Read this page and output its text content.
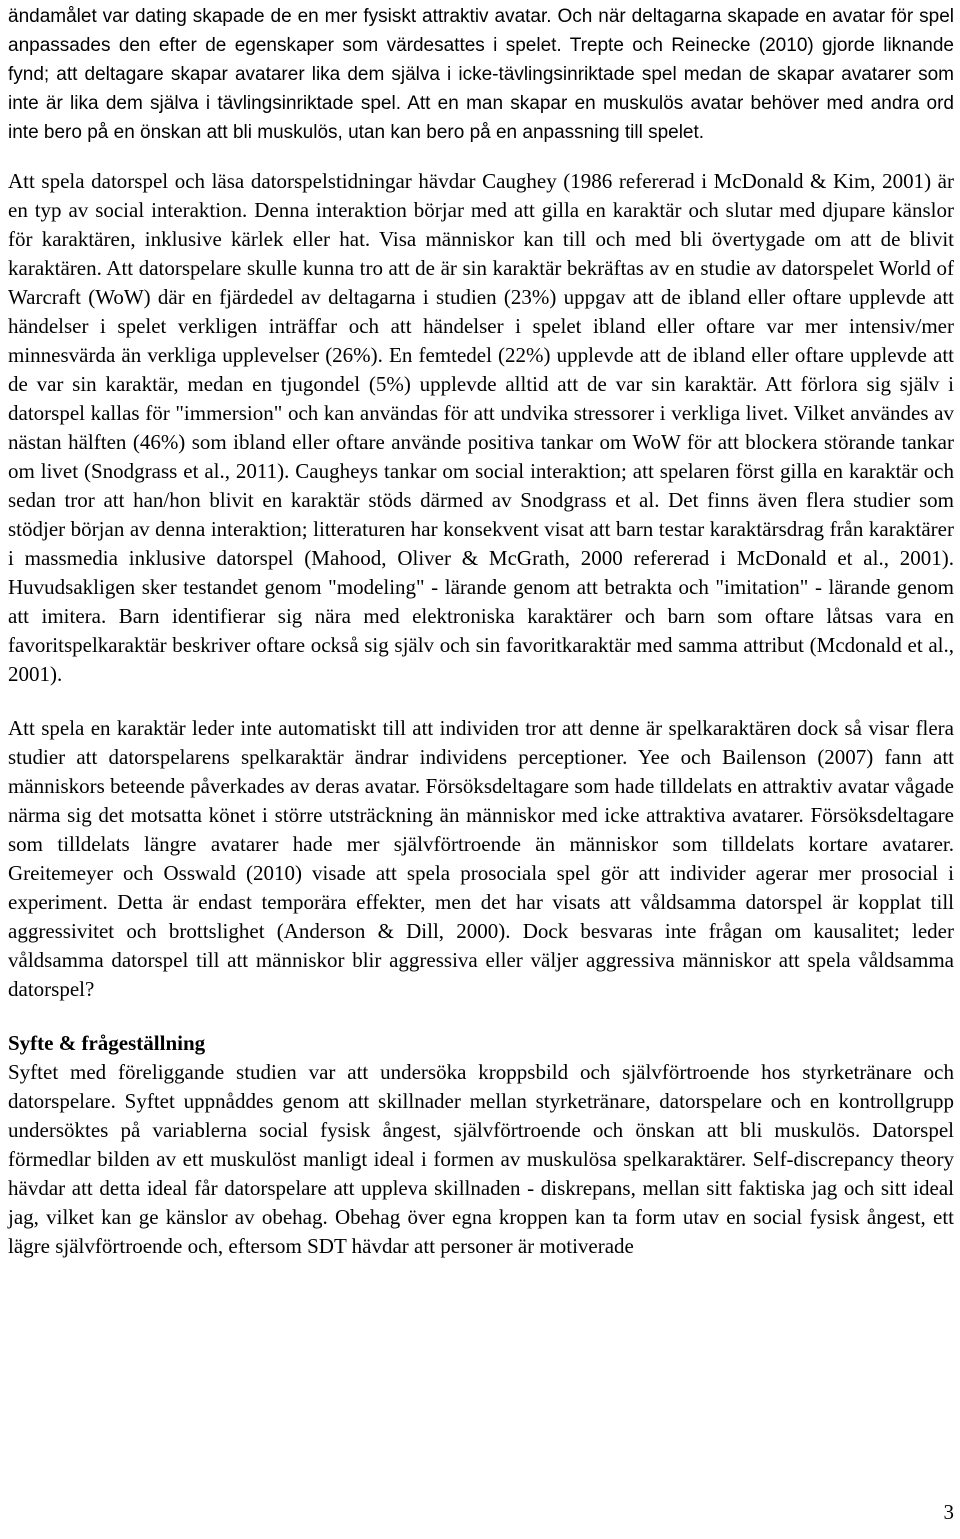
ändamålet var dating skapade de en mer fysiskt attraktiv avatar. Och när deltagarna skapade en avatar för spel anpassades den efter de egenskaper som värdesattes i spelet. Trepte och Reinecke (2010) gjorde liknande fynd; att deltagare skapar avatarer lika dem själva i icke-tävlingsinriktade spel medan de skapar avatarer som inte är lika dem själva i tävlingsinriktade spel. Att en man skapar en muskulös avatar behöver med andra ord inte bero på en önskan att bli muskulös, utan kan bero på en anpassning till spelet.

Att spela datorspel och läsa datorspelstidningar hävdar Caughey (1986 refererad i McDonald & Kim, 2001) är en typ av social interaktion. Denna interaktion börjar med att gilla en karaktär och slutar med djupare känslor för karaktären, inklusive kärlek eller hat. Visa människor kan till och med bli övertygade om att de blivit karaktären. Att datorspelare skulle kunna tro att de är sin karaktär bekräftas av en studie av datorspelet World of Warcraft (WoW) där en fjärdedel av deltagarna i studien (23%) uppgav att de ibland eller oftare upplevde att händelser i spelet verkligen inträffar och att händelser i spelet ibland eller oftare var mer intensiv/mer minnesvärda än verkliga upplevelser (26%). En femtedel (22%) upplevde att de ibland eller oftare upplevde att de var sin karaktär, medan en tjugondel (5%) upplevde alltid att de var sin karaktär. Att förlora sig själv i datorspel kallas för "immersion" och kan användas för att undvika stressorer i verkliga livet. Vilket användes av nästan hälften (46%) som ibland eller oftare använde positiva tankar om WoW för att blockera störande tankar om livet (Snodgrass et al., 2011). Caugheys tankar om social interaktion; att spelaren först gilla en karaktär och sedan tror att han/hon blivit en karaktär stöds därmed av Snodgrass et al. Det finns även flera studier som stödjer början av denna interaktion; litteraturen har konsekvent visat att barn testar karaktärsdrag från karaktärer i massmedia inklusive datorspel (Mahood, Oliver & McGrath, 2000 refererad i McDonald et al., 2001). Huvudsakligen sker testandet genom "modeling" - lärande genom att betrakta och "imitation" - lärande genom att imitera. Barn identifierar sig nära med elektroniska karaktärer och barn som oftare låtsas vara en favoritspelkaraktär beskriver oftare också sig själv och sin favoritkaraktär med samma attribut (Mcdonald et al., 2001).

Att spela en karaktär leder inte automatiskt till att individen tror att denne är spelkaraktären dock så visar flera studier att datorspelarens spelkaraktär ändrar individens perceptioner. Yee och Bailenson (2007) fann att människors beteende påverkades av deras avatar. Försöksdeltagare som hade tilldelats en attraktiv avatar vågade närma sig det motsatta könet i större utsträckning än människor med icke attraktiva avatarer. Försöksdeltagare som tilldelats längre avatarer hade mer självförtroende än människor som tilldelats kortare avatarer. Greitemeyer och Osswald (2010) visade att spela prosociala spel gör att individer agerar mer prosocial i experiment. Detta är endast temporära effekter, men det har visats att våldsamma datorspel är kopplat till aggressivitet och brottslighet (Anderson & Dill, 2000). Dock besvaras inte frågan om kausalitet; leder våldsamma datorspel till att människor blir aggressiva eller väljer aggressiva människor att spela våldsamma datorspel?

Syfte & frågeställning

Syftet med föreliggande studien var att undersöka kroppsbild och självförtroende hos styrketränare och datorspelare. Syftet uppnåddes genom att skillnader mellan styrketränare, datorspelare och en kontrollgrupp undersöktes på variablerna social fysisk ångest, självförtroende och önskan att bli muskulös. Datorspel förmedlar bilden av ett muskulöst manligt ideal i formen av muskulösa spelkaraktärer. Self-discrepancy theory hävdar att detta ideal får datorspelare att uppleva skillnaden - diskrepans, mellan sitt faktiska jag och sitt ideal jag, vilket kan ge känslor av obehag. Obehag över egna kroppen kan ta form utav en social fysisk ångest, ett lägre självförtroende och, eftersom SDT hävdar att personer är motiverade

3
